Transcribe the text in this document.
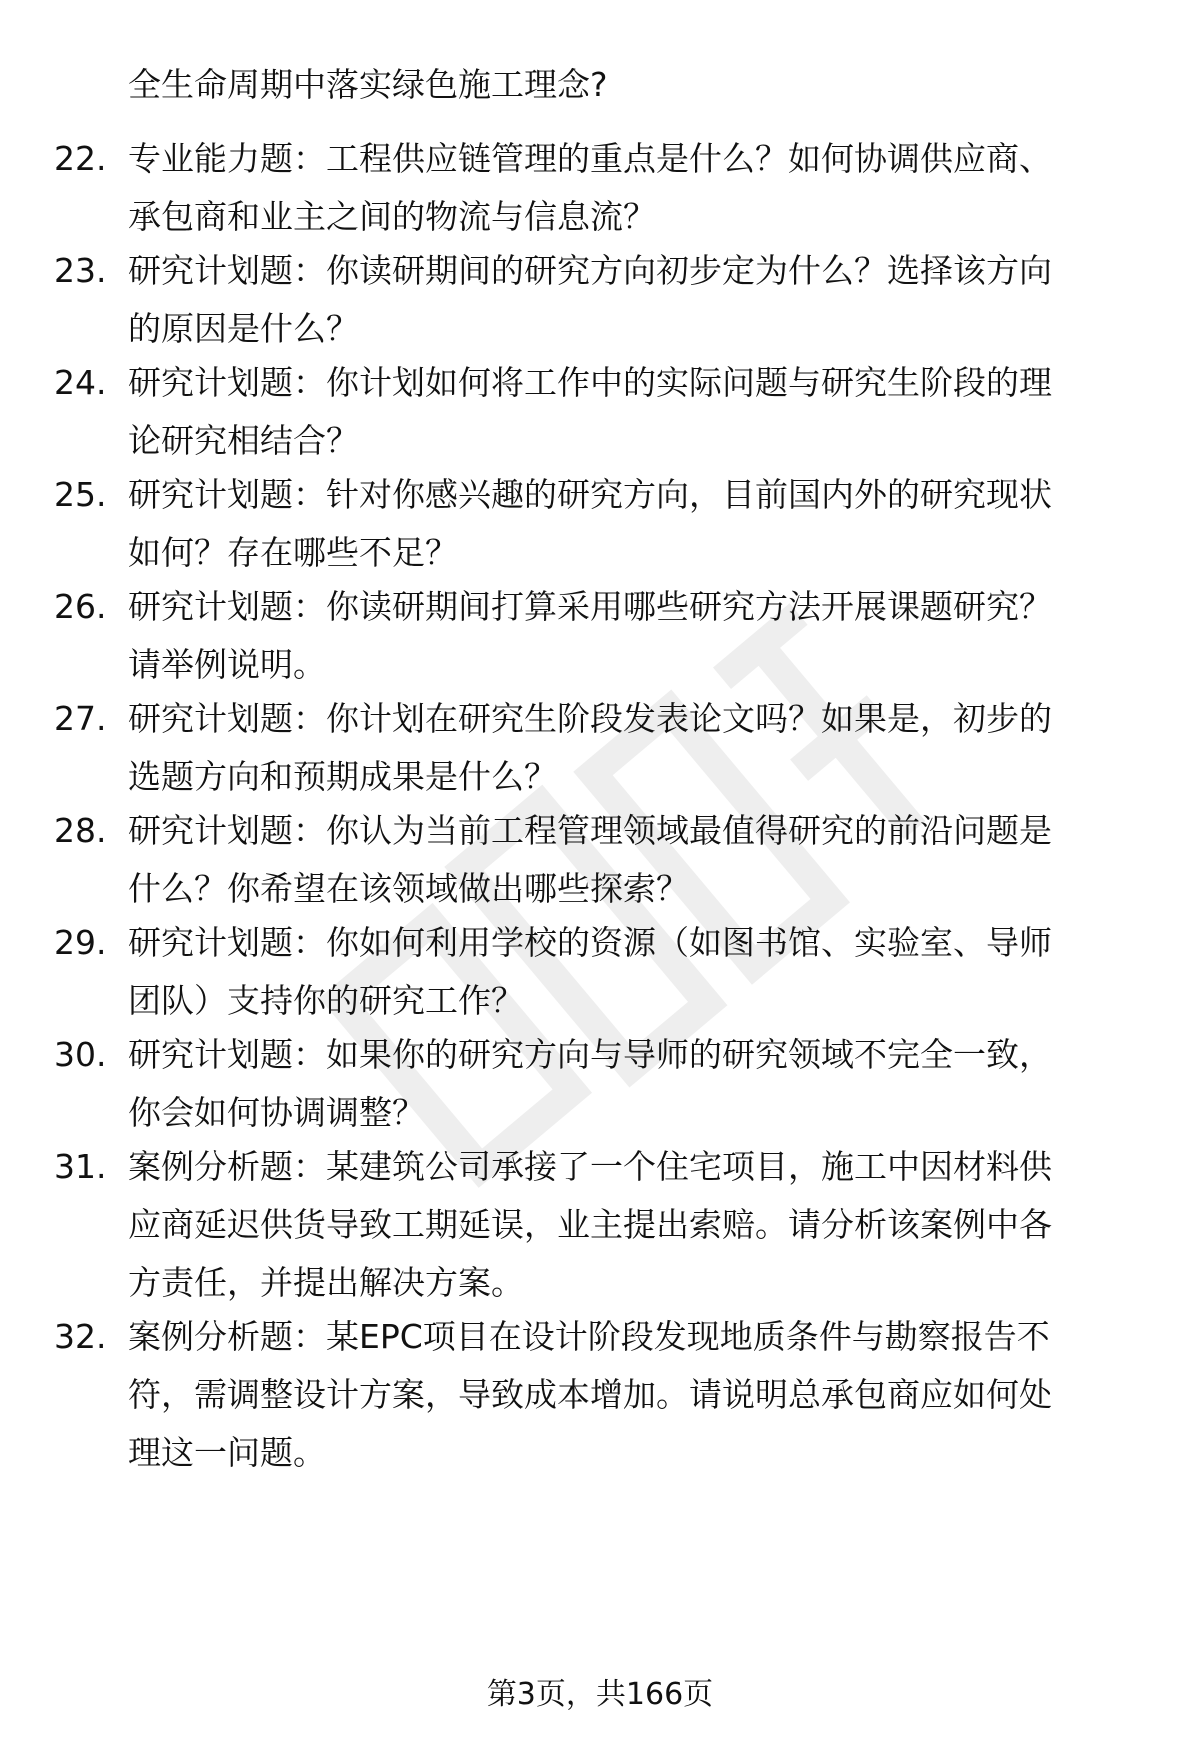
全生命周期中落实绿色施工理念?
22. 专业能力题：工程供应链管理的重点是什么？如何协调供应商、
承包商和业主之间的物流与信息流？
23. 研究计划题：你读研期间的研究方向初步定为什么？选择该方向
的原因是什么？
24. 研究计划题：你计划如何将工作中的实际问题与研究生阶段的理
论研究相结合？
25. 研究计划题：针对你感兴趣的研究方向，目前国内外的研究现状
如何？存在哪些不足？
26. 研究计划题：你读研期间打算采用哪些研究方法开展课题研究？
请举例说明。
27. 研究计划题：你计划在研究生阶段发表论文吗？如果是，初步的
选题方向和预期成果是什么？
28. 研究计划题：你认为当前工程管理领域最值得研究的前沿问题是
什么？你希望在该领域做出哪些探索？
29. 研究计划题：你如何利用学校的资源（如图书馆、实验室、导师
团队）支持你的研究工作？
30. 研究计划题：如果你的研究方向与导师的研究领域不完全一致，
你会如何协调调整？
31. 案例分析题：某建筑公司承接了一个住宅项目，施工中因材料供
应商延迟供货导致工期延误，业主提出索赔。请分析该案例中各
方责任，并提出解决方案。
32. 案例分析题：某EPC项目在设计阶段发现地质条件与勘察报告不
符，需调整设计方案，导致成本增加。请说明总承包商应如何处
理这一问题。
第3页，共166页
